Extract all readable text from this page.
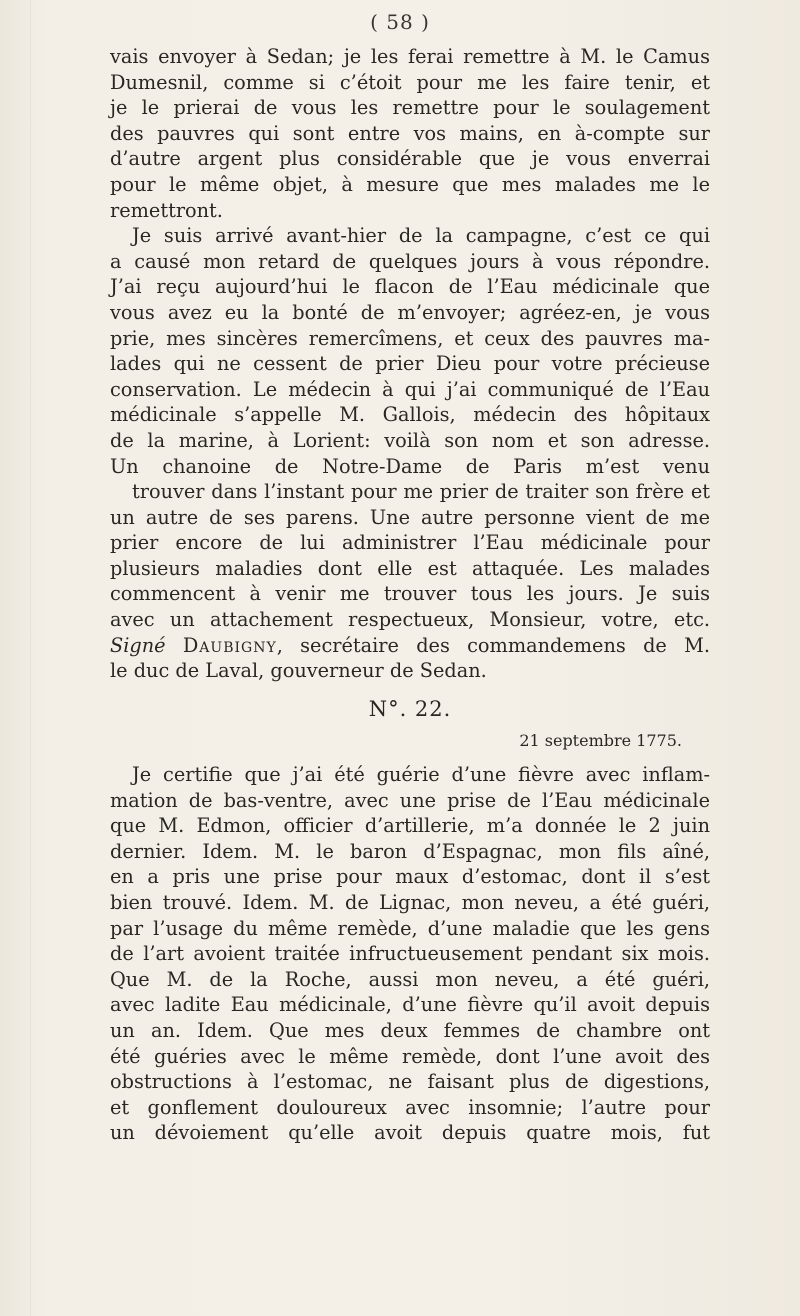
( 58 )

vais envoyer à Sedan; je les ferai remettre à M. le Camus

Dumesnil, comme si c’étoit pour me les faire tenir, et

je le prierai de vous les remettre pour le soulagement

des pauvres qui sont entre vos mains, en à-compte sur

d’autre argent plus considérable que je vous enverrai

pour le même objet, à mesure que mes malades me le

remettront.

Je suis arrivé avant-hier de la campagne, c’est ce qui

a causé mon retard de quelques jours à vous répondre.

J’ai reçu aujourd’hui le flacon de l’Eau médicinale que

vous avez eu la bonté de m’envoyer; agréez-en, je vous

prie, mes sincères remercîmens, et ceux des pauvres ma-

lades qui ne cessent de prier Dieu pour votre précieuse

conservation. Le médecin à qui j’ai communiqué de l’Eau

médicinale s’appelle M. Gallois, médecin des hôpitaux

de la marine, à Lorient: voilà son nom et son adresse.

Un chanoine de Notre-Dame de Paris m’est venu

trouver dans l’instant pour me prier de traiter son frère et

un autre de ses parens. Une autre personne vient de me

prier encore de lui administrer l’Eau médicinale pour

plusieurs maladies dont elle est attaquée. Les malades

commencent à venir me trouver tous les jours. Je suis

avec un attachement respectueux, Monsieur, votre, etc.

Signé Daubigny, secrétaire des commandemens de M.

le duc de Laval, gouverneur de Sedan.

N°. 22.
21 septembre 1775.

Je certifie que j’ai été guérie d’une fièvre avec inflam-

mation de bas-ventre, avec une prise de l’Eau médicinale

que M. Edmon, officier d’artillerie, m’a donnée le 2 juin

dernier. Idem. M. le baron d’Espagnac, mon fils aîné,

en a pris une prise pour maux d’estomac, dont il s’est

bien trouvé. Idem. M. de Lignac, mon neveu, a été guéri,

par l’usage du même remède, d’une maladie que les gens

de l’art avoient traitée infructueusement pendant six mois.

Que M. de la Roche, aussi mon neveu, a été guéri,

avec ladite Eau médicinale, d’une fièvre qu’il avoit depuis

un an. Idem. Que mes deux femmes de chambre ont

été guéries avec le même remède, dont l’une avoit des

obstructions à l’estomac, ne faisant plus de digestions,

et gonflement douloureux avec insomnie; l’autre pour

un dévoiement qu’elle avoit depuis quatre mois, fut
